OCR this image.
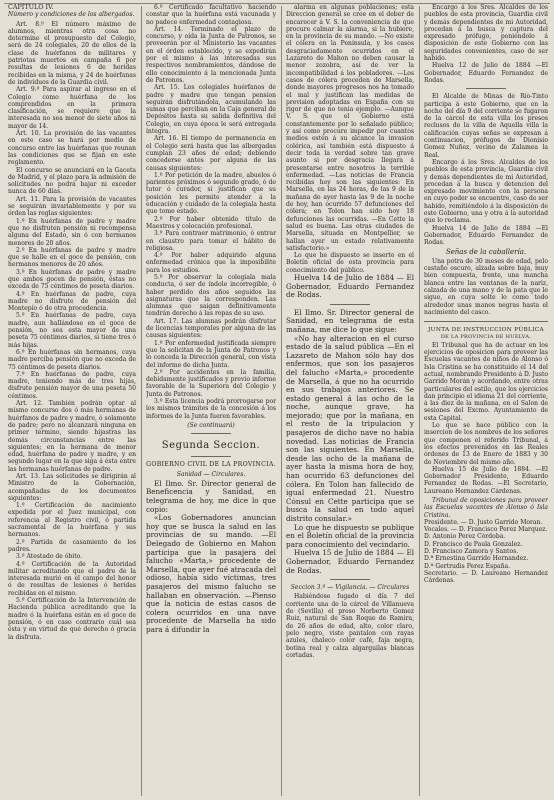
CAPÍTULO IV.

Número y condiciones de los albergados.

Art. 8.º El número máximo de alumnos, mientras otra cosa no determine el presupuesto del Colegio, será de 24 colegiales, 20 de ellos de la clase de huérfanos de militares y patriotas muertos en campaña 6 por resultas de lesiones 6 de heridas recibidas en la misma, y 24 de huérfanas de individuos de la Guardia civil.

Art. 9.º Para aspirar al ingreso en el Colegio como huérfana de los comprendidos en la primera clasificación, se requiere que la interesada no sea menor de siete años ni mayor de 14.

Art. 10. La provisión de las vacantes en este caso se hará por medio de concurso entre las huérfanas que reunan las condiciones que se fijan en este reglamento.

El concurso se anunciará en la Gaceta de Madrid, y el plazo para la admisión de solicitudes no podrá bajar ni exceder nunca de 60 días.

Art. 11. Para la provisión de vacantes se seguirán invariablemente y por su órden las reglas siguientes:

1.º En huérfanas de padre y madre que no disfruten pensión ni recompensa alguna del Estado, sin ó con hermanos menores de 20 años.

2.º En huérfanas de padre y madre que se halle en el goce de pensión, con hermanos menores de 20 años.

3.º En huérfanas de padre y madre que ambos gocen de pensión, éstas no exceda de 75 céntimos de peseta diarios.

4.º En huérfanas de padre, cuya madre no disfrute de pensión del Montepío ó de otra procedencia.

5.º En huérfanas de padre, cuya madre, aun hallándose en el goce de pensión, no sea esta mayor de una peseta 75 céntimos diarios, si tiene tres ó más hijas.

6.º En huérfanas sin hermanos, cuya madre perciba pensión que no exceda de 75 céntimos de peseta diarios.

7.º En huérfanas de padre, cuya madre, teniendo más de tres hijas, disfrute pensión mayor de una peseta 50 céntimos.

Art. 12. También podrán optar al mismo concurso dos ó más hermanas de huérfanos de padre y madre, ó solamente de padre; pero no alcanzará ninguna en primer término, siendo hijastras las demás circunstancias entre las siguientes; en la hermana de menor edad, huérfana de padre y madre, y en segundo lugar en la que siga á ésta entre las hermanas huérfanas de padre.

Art. 13. Las solicitudes se dirigirán al Ministro de la Gobernación, acompañadas de los documentos siguientes:

1.º Certificación de nacimiento expedida por el Juez municipal, con referencia al Registro civil, ó partida sacramental de la huérfana y sus hermanos.

2.º Partida de casamiento de los padres.

3.º Atestado de óbito.

4.º Certificación de la Autoridad militar acreditando que el padre de la interesada murió en el campo del honor ó de resultas de lesiones ó heridas recibidas en el mismo.

5.º Certificación de la Intervención de Hacienda pública acreditando que la madre ó la huérfana están en el goce de pensión, ó en caso contrario cuál sea ésta y en virtud de qué derecho ó gracia la disfruta.

6.º Certificado facultativo haciendo constar que la huérfana está vacunada y no padece enfermedad contagiosa.

Art. 14. Terminado el plazo de concurso, y oída la Junta de Patronos, se proveerán por el Ministerio las vacantes en el órden establecido, y se expedirán por el mismo á las interesadas sus respectivos nombramientos, dándose de ello conocimiento á la mencionada Junta de Patronos.

Art. 15. Los colegiales huérfanos de padre y madre que tengan pension seguirán disfrutándola, acumulando las sumas que perciban en la Caja general de Depósitos hasta su salida definitiva del Colegio, en cuya época le será entregada íntegra.

Art. 16. El tiempo de permanencia en el Colegio será hasta que las albergadas cumplan 23 años de edad; debiendo concederse antes por alguna de las causas siguientes:

1.º Por petición de la madre, abuelos ó parientes próximos ó segundo grado, ó de tutor ó curador, si justifican que su posición les permite atender á la educación y cuidado de la colegiala hasta que tome estado.

2.º Por haber obtenido título de Maestros y colocación profesional.

3.º Para contraer matrimonio, ó entrar en claustro para tomar el hábito de religiosa.

4.º Por haber adquirido alguna enfermedad crónica que la imposibilite para los estudios.

5.º Por observar la colegiala mala conducta, ó ser de índole incorregible, ó haber perdido dos años seguidos las asignaturas que la corresponden. Las alumnas que saigan definitivamente tendrán derecho á las ropas de su uso.

Art. 17. Las alumnas podrán disfrutar de licencias temporales por alguna de las causas siguientes:

1.º Por enfermedad justificada siempre que la solicitan de la Junta de Patronos y lo conceda la Dirección general, con vista del informe de dicha Junta.

2.º Por accidentes en la familia, debidamente justificados y previo informe favorable de la Superiora del Colegio y Junta de Patronos.

3.º Esta licencia podrá prorrogarse por los mismos trámites de la concesión á los informes de la Junta fueren favorables.

(Se continuará)

Segunda Seccion.

GOBIERNO CIVIL DE LA PROVINCIA.

Sanidad — Circulares.

El Ilmo. Sr. Director general de Beneficencia y Sanidad, en telegrama de hoy, me dice lo que copio:

«Los Gobernadores anuncian hoy que se busca la salud en las provincias de su mando. —El Delegado de Gobierno en Mahon participa que la pasajera del falucho «Marta,» procedente de Marsella, que ayer fué atracada del odioso, había sido víctimas, tres pasajeros del mismo falucho se hallaban en observación. —Pienso que la noticia de estas casos de colera ocurridos en una nave procedente de Marsella ha sido para á difundir la

alarma en algunas poblaciones; esta Direccion general se cree en el deber de encarecer á V. S. la conveniencia de que procure calmar la alarma, si la hubiere, en la provincia de su mando. —No existe el cólera en la Península, y los casos desgraciadamente ocurridos en el Lazareto de Mahon no deben causar la menor zozobra, así de ver la incompatibilidad á los pobladores. —Los casos de cólera proceden de Marsella, donde mayores progresos nos ha tomado el mal y justifican las medidas de prevision adoptadas en España con su rigor de que no tenia ejemplo. —Aunque V. S. que el Gobierno está constantemente por lo señalado público; y así como procure impedir por cuantos medios estén á su alcance la invasion colérica, así también está dispuesto á decir toda la verdad sobre tan grave asunto si por desgracia llegara á presentarse entre nosotros la terrible enfermedad. —Las noticias de Francia recibidas hoy son las siguientes: En Marsella, en las 24 horas, de las 9 de la mañana de ayer hasta las 9 de la noche de hoy, han ocurrido 57 defunciones del cólera; en Tolon han sido hoy 18 defunciones las ocurridas. —En Cette la salud es buena. Las otras ciudades de Marsella, situada en Montpellier, se hallan ayer un estado relativamente satisfactorio.»

Lo que he dispuesto se inserte en el Boletín oficial de esta provincia para conocimiento del público.

Huelva 14 de Julio de 1884 — El Gobernador, Eduardo Fernandez de Rodas.

El Ilmo. Sr. Director general de Sanidad, en telegrama de esta mañana, me dice lo que sigue:

«No hay alteracion en el curso estado de la salud pública —En el Lazareto de Mahon sólo hay dos enfermos, que son los pasajeros del falucho «Marta,» procedente de Marsella, á que no ha ocurrido en sus trabajos anteriores. Se estado general á las ocho de la noche, aunque grave, ha mejorado; que por la mañana, en el resto de la tripulacion y pasajeros de dicho nave no habia novedad. Las noticias de Francia son las siguientes. En Marsella, desde las ocho de la mañana de ayer hasta la misma hora de hoy, han ocurrido 63 defunciones del cólera. En Tolon han fallecido de igual enfermedad 21. Nuestro Cónsul en Cette participa que se busca la salud en todo aquel distrito consular.»

Lo que he dispuesto se publique en el Boletín oficial de la provincia para conocimiento del vecindario.

Huelva 15 de Julio de 1884 — El Gobernador, Eduardo Fernandez de Rodas.

Seccion 3.ª — Vigilancia. — Circulares

Habiéndose fugado el día 7 del corriente una de la cárcel de Villanueva de (Sevilla) el preso Norberto Gomez Ruiz, natural de San Roque de Ramira, de 26 años de edad, alto, color claro, pelo negro, viste pantalon con rayas azules, chaleco color café, faja negra, botina real y calza algarguilas blancas cortadas.

Encargo á los Sres. Alcaldes de los pueblos de esta provincia, Guardia civil y demás dependientes de mi Autoridad, procedan á la busca y captura del expresado prófugo, poniéndolo á disposición de este Gobierno con las seguridades convenientes, caso de ser habido.

Huelva 12 de Julio de 1884 —El Gobernador, Eduardo Fernandez de Rodas.

El Alcalde de Minas de Río-Tinto participa á este Gobierno, que en la noche del día 9 del corriente se fugaron de la cárcel de esta villa los presos reclusos de la villa de Aquella villa la calificación cuyas señas se expresan á continuacion, prófugos de Dionisio Gomez Nuñez, vecino de Zalamea la Real.

Encargo á los Sres. Alcaldes de los pueblos de esta provincia, Guardia civil y demás dependientes de mi Autoridad, procedan á la busca y detencion del expresado movimiento con la persona en cuyo poder se encuentre, caso de ser habido, remitiéndolo á la disposición de este Gobierno, una y otra á la autoridad que lo reclama.

Huelva 14 de Julio de 1884 —El Gobernador, Eduardo Fernandez de Rodas.

Señas de la caballería.

Una potra de 30 meses de edad, pelo castaño oscuro, alzada sobre baja, muy bien compuesta, frente, una mancha blanca entre las ventanas de la nariz, calzada de una mano y de la pata que le sigue, en cuya solte lo como todo alrededor unas manos negras hasta el nacimiento del casco.

JUNTA DE INSTRUCCION PÚBLICA

DE LA PROVINCIA DE HUELVA.

El Tribunal que ha de actuar en los ejercicios de oposicion para proveer las Escuelas vacantes de niños de Alonso ó Isla Cristina se ha constituido el 14 del actual, nombrando Presidente á D. Justo Garrido Morán y acordando, entre otras particulares del estilo, que los ejercicios dan principio el idioma 21 del corriente, á las diez de la mañana, en el Salon de sesiones del Excmo. Ayuntamiento de esta Capital.

Lo que se hace público con la insercion de los nombres de los señores que componen el referido Tribunal, á los efectos prevenidos en las Reales órdenes de 13 de Enero de 1883 y 30 de Noviembre del mismo año.

Huelva 15 de Julio de 1884. —El Gobernador Presidente, Eduardo Fernandez de Rodas. —El Secretario, Laureano Hernandez Cárdenas.

Tribunal de oposiciones para proveer las Escuelas vacantes de Alonso ó Isla Cristina.

Presidente. — D. Justo Garrido Moran.

Vocales. — D. Francisco Perez Marquez.

D. Antonio Perez Córdoba.

D. Francisco de Paula Gonzalez.

D. Francisco Zamora y Santos.

D.ª Ernestina Garrido Hernandez.

D.ª Gertrudis Perez España.

Secretario. — D. Laureano Hernandez Cárdenas.
